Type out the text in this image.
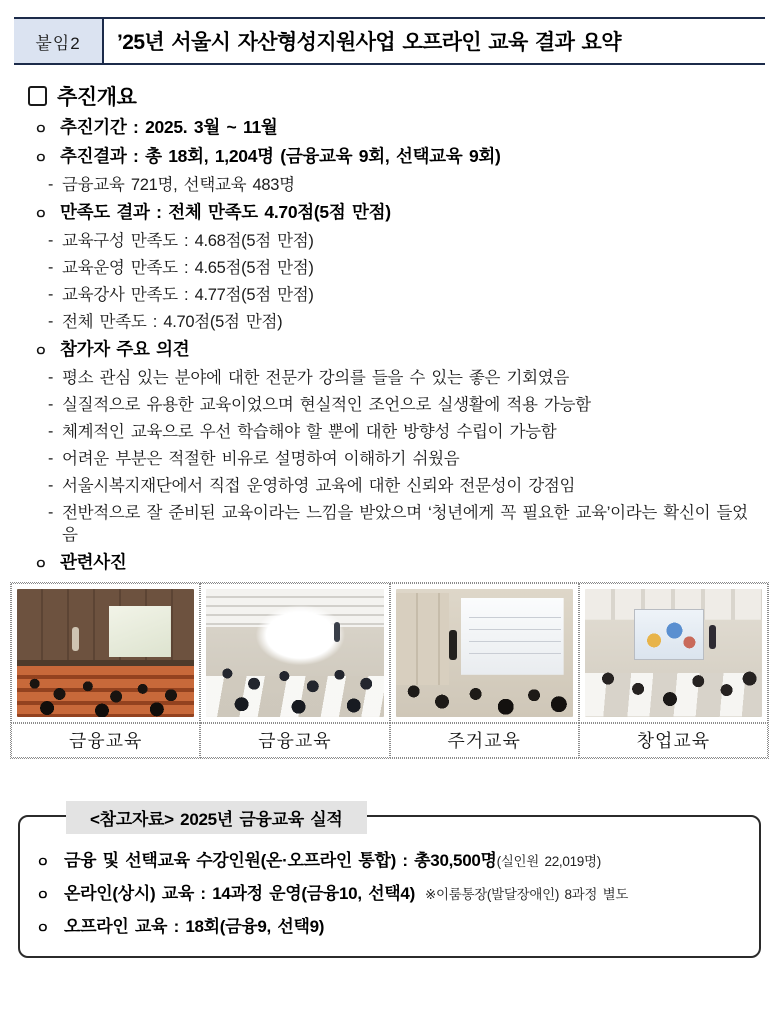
붙임2	’25년 서울시 자산형성지원사업 오프라인 교육 결과 요약
추진개요
ㅇ 추진기간 : 2025. 3월 ~ 11월
ㅇ 추진결과 : 총 18회, 1,204명 (금융교육 9회, 선택교육 9회)
- 금융교육 721명, 선택교육 483명
ㅇ 만족도 결과 : 전체 만족도 4.70점(5점 만점)
- 교육구성 만족도 : 4.68점(5점 만점)
- 교육운영 만족도 : 4.65점(5점 만점)
- 교육강사 만족도 : 4.77점(5점 만점)
- 전체 만족도 : 4.70점(5점 만점)
ㅇ 참가자 주요 의견
- 평소 관심 있는 분야에 대한 전문가 강의를 들을 수 있는 좋은 기회였음
- 실질적으로 유용한 교육이었으며 현실적인 조언으로 실생활에 적용 가능함
- 체계적인 교육으로 우선 학습해야 할 뿐에 대한 방향성 수립이 가능함
- 어려운 부분은 적절한 비유로 설명하여 이해하기 쉬웠음
- 서울시복지재단에서 직접 운영하영 교육에 대한 신뢰와 전문성이 강점임
- 전반적으로 잘 준비된 교육이라는 느낌을 받았으며 ‘청년에게 꼭 필요한 교육’이라는 확신이 들었음
ㅇ 관련사진
금융교육	금융교육	주거교육	창업교육
<참고자료> 2025년 금융교육 실적
ㅇ 금융 및 선택교육 수강인원(온·오프라인 통합) : 총30,500명(실인원 22,019명)
ㅇ 온라인(상시) 교육 : 14과정 운영(금융10, 선택4) ※이룸통장(발달장애인) 8과정 별도
ㅇ 오프라인 교육 : 18회(금융9, 선택9)
